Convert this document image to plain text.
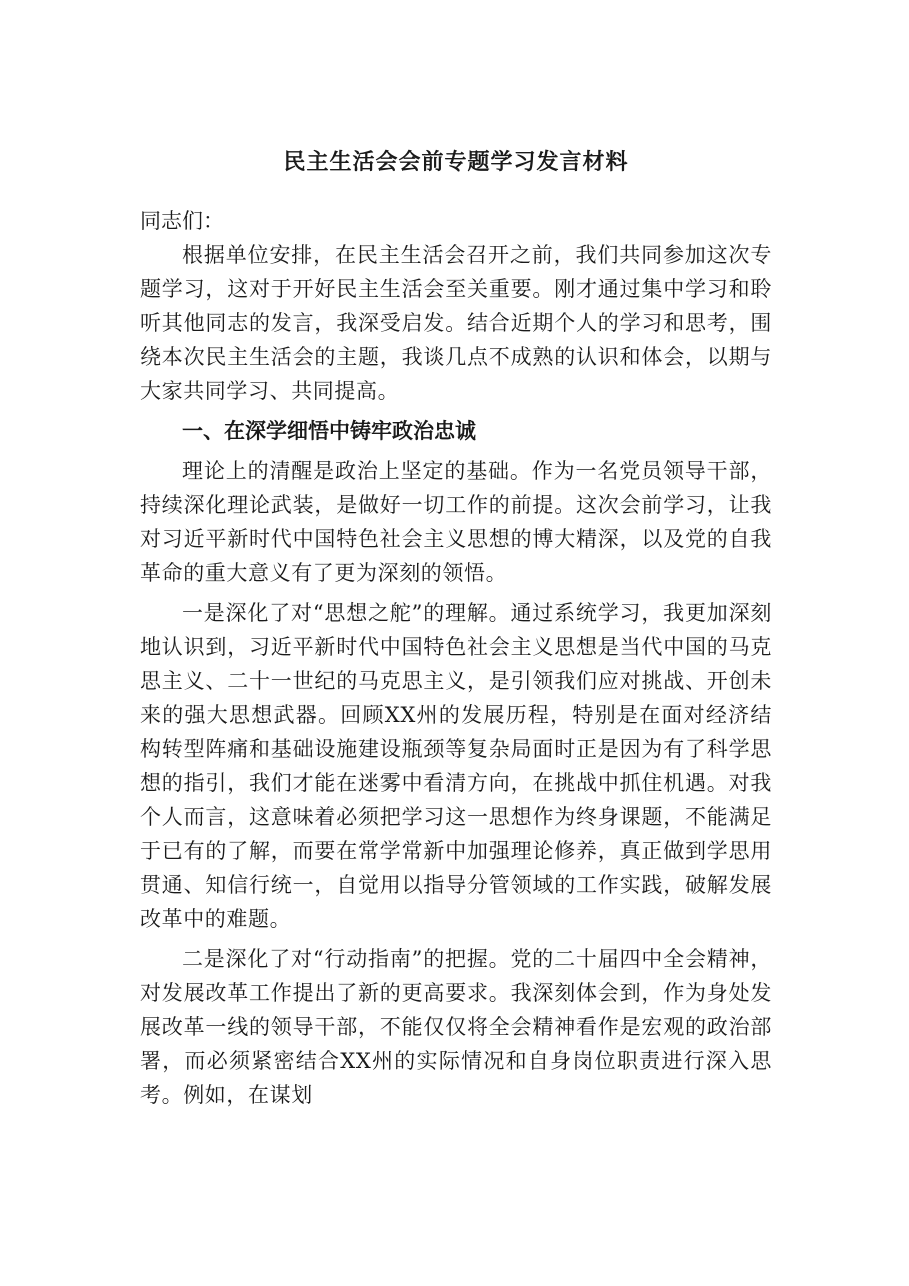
民主生活会会前专题学习发言材料

同志们：

根据单位安排，在民主生活会召开之前，我们共同参加这次专题学习，这对于开好民主生活会至关重要。刚才通过集中学习和聆听其他同志的发言，我深受启发。结合近期个人的学习和思考，围绕本次民主生活会的主题，我谈几点不成熟的认识和体会，以期与大家共同学习、共同提高。

一、在深学细悟中铸牢政治忠诚

理论上的清醒是政治上坚定的基础。作为一名党员领导干部，持续深化理论武装，是做好一切工作的前提。这次会前学习，让我对习近平新时代中国特色社会主义思想的博大精深，以及党的自我革命的重大意义有了更为深刻的领悟。

一是深化了对“思想之舵”的理解。通过系统学习，我更加深刻地认识到，习近平新时代中国特色社会主义思想是当代中国的马克思主义、二十一世纪的马克思主义，是引领我们应对挑战、开创未来的强大思想武器。回顾XX州的发展历程，特别是在面对经济结构转型阵痛和基础设施建设瓶颈等复杂局面时正是因为有了科学思想的指引，我们才能在迷雾中看清方向，在挑战中抓住机遇。对我个人而言，这意味着必须把学习这一思想作为终身课题，不能满足于已有的了解，而要在常学常新中加强理论修养，真正做到学思用贯通、知信行统一，自觉用以指导分管领域的工作实践，破解发展改革中的难题。

二是深化了对“行动指南”的把握。党的二十届四中全会精神，对发展改革工作提出了新的更高要求。我深刻体会到，作为身处发展改革一线的领导干部，不能仅仅将全会精神看作是宏观的政治部署，而必须紧密结合XX州的实际情况和自身岗位职责进行深入思考。例如，在谋划
